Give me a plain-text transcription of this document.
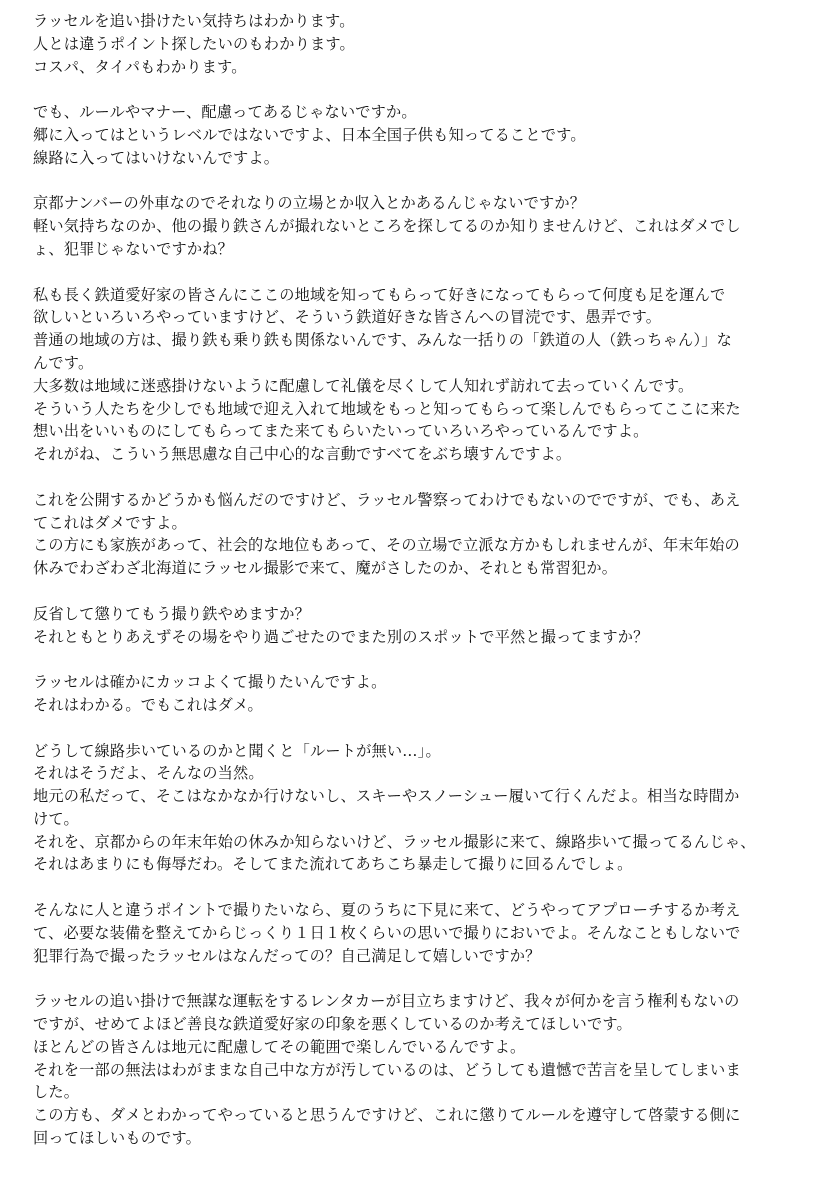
ラッセルを追い掛けたい気持ちはわかります。
人とは違うポイント探したいのもわかります。
コスパ、タイパもわかります。
でも、ルールやマナー、配慮ってあるじゃないですか。
郷に入ってはというレベルではないですよ、日本全国子供も知ってることです。
線路に入ってはいけないんですよ。
京都ナンバーの外車なのでそれなりの立場とか収入とかあるんじゃないですか？
軽い気持ちなのか、他の撮り鉄さんが撮れないところを探してるのか知りませんけど、これはダメでし
ょ、犯罪じゃないですかね？
私も長く鉄道愛好家の皆さんにここの地域を知ってもらって好きになってもらって何度も足を運んで
欲しいといろいろやっていますけど、そういう鉄道好きな皆さんへの冒涜です、愚弄です。
普通の地域の方は、撮り鉄も乗り鉄も関係ないんです、みんな一括りの「鉄道の人（鉄っちゃん）」な
んです。
大多数は地域に迷惑掛けないように配慮して礼儀を尽くして人知れず訪れて去っていくんです。
そういう人たちを少しでも地域で迎え入れて地域をもっと知ってもらって楽しんでもらってここに来た
想い出をいいものにしてもらってまた来てもらいたいっていろいろやっているんですよ。
それがね、こういう無思慮な自己中心的な言動ですべてをぶち壊すんですよ。
これを公開するかどうかも悩んだのですけど、ラッセル警察ってわけでもないのでですが、でも、あえ
てこれはダメですよ。
この方にも家族があって、社会的な地位もあって、その立場で立派な方かもしれませんが、年末年始の
休みでわざわざ北海道にラッセル撮影で来て、魔がさしたのか、それとも常習犯か。
反省して懲りてもう撮り鉄やめますか？
それともとりあえずその場をやり過ごせたのでまた別のスポットで平然と撮ってますか？
ラッセルは確かにカッコよくて撮りたいんですよ。
それはわかる。でもこれはダメ。
どうして線路歩いているのかと聞くと「ルートが無い…」。
それはそうだよ、そんなの当然。
地元の私だって、そこはなかなか行けないし、スキーやスノーシュー履いて行くんだよ。相当な時間か
けて。
それを、京都からの年末年始の休みか知らないけど、ラッセル撮影に来て、線路歩いて撮ってるんじゃ、
それはあまりにも侮辱だわ。そしてまた流れてあちこち暴走して撮りに回るんでしょ。
そんなに人と違うポイントで撮りたいなら、夏のうちに下見に来て、どうやってアプローチするか考え
て、必要な装備を整えてからじっくり１日１枚くらいの思いで撮りにおいでよ。そんなこともしないで
犯罪行為で撮ったラッセルはなんだっての？自己満足して嬉しいですか？
ラッセルの追い掛けで無謀な運転をするレンタカーが目立ちますけど、我々が何かを言う権利もないの
ですが、せめてよほど善良な鉄道愛好家の印象を悪くしているのか考えてほしいです。
ほとんどの皆さんは地元に配慮してその範囲で楽しんでいるんですよ。
それを一部の無法はわがままな自己中な方が汚しているのは、どうしても遺憾で苦言を呈してしまいま
した。
この方も、ダメとわかってやっていると思うんですけど、これに懲りてルールを遵守して啓蒙する側に
回ってほしいものです。
